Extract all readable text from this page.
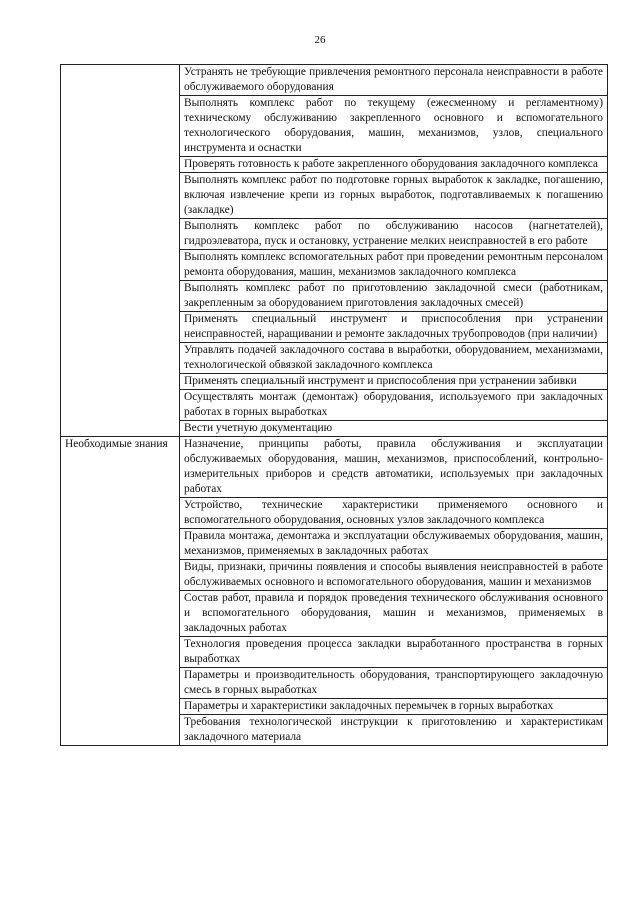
26
	Устранять не требующие привлечения ремонтного персонала неисправности в работе обслуживаемого оборудования
	Выполнять комплекс работ по текущему (ежесменному и регламентному) техническому обслуживанию закрепленного основного и вспомогательного технологического оборудования, машин, механизмов, узлов, специального инструмента и оснастки
	Проверять готовность к работе закрепленного оборудования закладочного комплекса
	Выполнять комплекс работ по подготовке горных выработок к закладке, погашению, включая извлечение крепи из горных выработок, подготавливаемых к погашению (закладке)
	Выполнять комплекс работ по обслуживанию насосов (нагнетателей), гидроэлеватора, пуск и остановку, устранение мелких неисправностей в его работе
	Выполнять комплекс вспомогательных работ при проведении ремонтным персоналом ремонта оборудования, машин, механизмов закладочного комплекса
	Выполнять комплекс работ по приготовлению закладочной смеси (работникам, закрепленным за оборудованием приготовления закладочных смесей)
	Применять специальный инструмент и приспособления при устранении неисправностей, наращивании и ремонте закладочных трубопроводов (при наличии)
	Управлять подачей закладочного состава в выработки, оборудованием, механизмами, технологической обвязкой закладочного комплекса
	Применять специальный инструмент и приспособления при устранении забивки
	Осуществлять монтаж (демонтаж) оборудования, используемого при закладочных работах в горных выработках
	Вести учетную документацию
Необходимые знания	Назначение, принципы работы, правила обслуживания и эксплуатации обслуживаемых оборудования, машин, механизмов, приспособлений, контрольно-измерительных приборов и средств автоматики, используемых при закладочных работах
	Устройство, технические характеристики применяемого основного и вспомогательного оборудования, основных узлов закладочного комплекса
	Правила монтажа, демонтажа и эксплуатации обслуживаемых оборудования, машин, механизмов, применяемых в закладочных работах
	Виды, признаки, причины появления и способы выявления неисправностей в работе обслуживаемых основного и вспомогательного оборудования, машин и механизмов
	Состав работ, правила и порядок проведения технического обслуживания основного и вспомогательного оборудования, машин и механизмов, применяемых в закладочных работах
	Технология проведения процесса закладки выработанного пространства в горных выработках
	Параметры и производительность оборудования, транспортирующего закладочную смесь в горных выработках
	Параметры и характеристики закладочных перемычек в горных выработках
	Требования технологической инструкции к приготовлению и характеристикам закладочного материала
